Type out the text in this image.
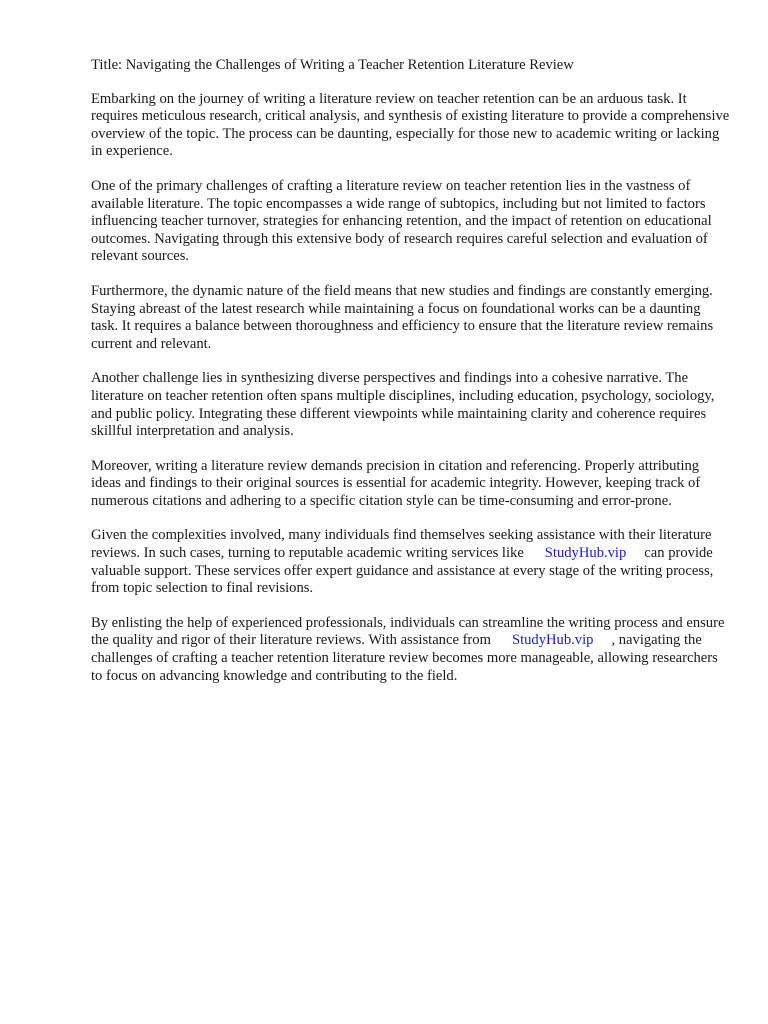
Title: Navigating the Challenges of Writing a Teacher Retention Literature Review

Embarking on the journey of writing a literature review on teacher retention can be an arduous task. It requires meticulous research, critical analysis, and synthesis of existing literature to provide a comprehensive overview of the topic. The process can be daunting, especially for those new to academic writing or lacking in experience.

One of the primary challenges of crafting a literature review on teacher retention lies in the vastness of available literature. The topic encompasses a wide range of subtopics, including but not limited to factors influencing teacher turnover, strategies for enhancing retention, and the impact of retention on educational outcomes. Navigating through this extensive body of research requires careful selection and evaluation of relevant sources.

Furthermore, the dynamic nature of the field means that new studies and findings are constantly emerging. Staying abreast of the latest research while maintaining a focus on foundational works can be a daunting task. It requires a balance between thoroughness and efficiency to ensure that the literature review remains current and relevant.

Another challenge lies in synthesizing diverse perspectives and findings into a cohesive narrative. The literature on teacher retention often spans multiple disciplines, including education, psychology, sociology, and public policy. Integrating these different viewpoints while maintaining clarity and coherence requires skillful interpretation and analysis.

Moreover, writing a literature review demands precision in citation and referencing. Properly attributing ideas and findings to their original sources is essential for academic integrity. However, keeping track of numerous citations and adhering to a specific citation style can be time-consuming and error-prone.

Given the complexities involved, many individuals find themselves seeking assistance with their literature reviews. In such cases, turning to reputable academic writing services like StudyHub.vip can provide valuable support. These services offer expert guidance and assistance at every stage of the writing process, from topic selection to final revisions.

By enlisting the help of experienced professionals, individuals can streamline the writing process and ensure the quality and rigor of their literature reviews. With assistance from StudyHub.vip , navigating the challenges of crafting a teacher retention literature review becomes more manageable, allowing researchers to focus on advancing knowledge and contributing to the field.
